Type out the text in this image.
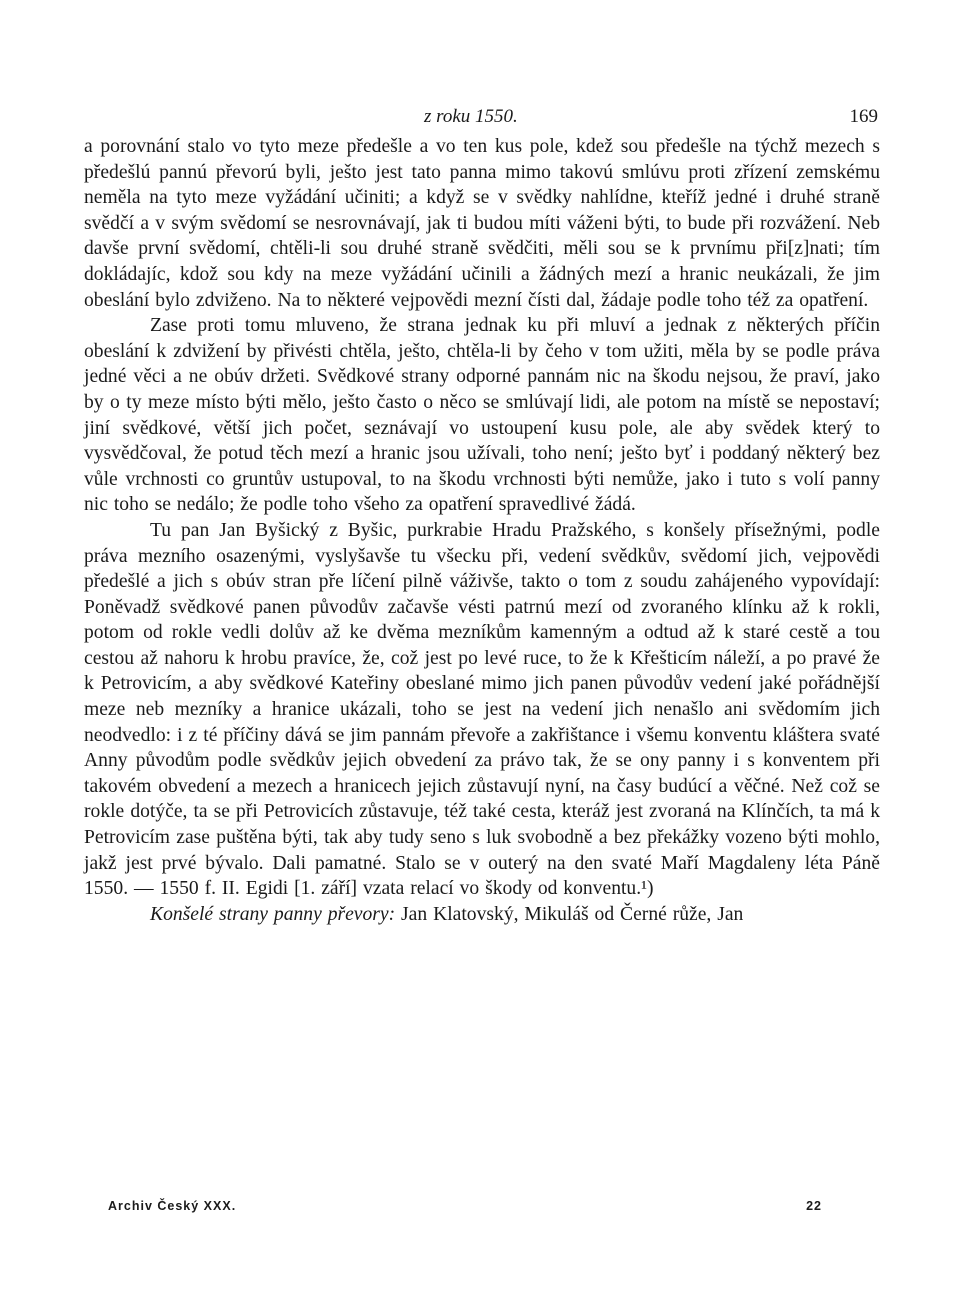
z roku 1550.	169

a porovnání stalo vo tyto meze předešle a vo ten kus pole, kdež sou předešle na týchž mezech s předešlú pannú převorú byli, ješto jest tato panna mimo takovú smlúvu proti zřízení zemskému neměla na tyto meze vyžádání učiniti; a když se v svědky nahlídne, kteříž jedné i druhé straně svědčí a v svým svědomí se nesrovnávají, jak ti budou míti váženi býti, to bude při rozvážení. Neb davše první svědomí, chtěli-li sou druhé straně svědčiti, měli sou se k prvnímu při[z]nati; tím dokládajíc, kdož sou kdy na meze vyžádání učinili a žádných mezí a hranic neukázali, že jim obeslání bylo zdviženo. Na to některé vejpovědi mezní čísti dal, žádaje podle toho též za opatření.

Zase proti tomu mluveno, že strana jednak ku při mluví a jednak z některých příčin obeslání k zdvižení by přivésti chtěla, ješto, chtěla-li by čeho v tom užiti, měla by se podle práva jedné věci a ne obúv držeti. Svědkové strany odporné pannám nic na škodu nejsou, že praví, jako by o ty meze místo býti mělo, ješto často o něco se smlúvají lidi, ale potom na místě se nepostaví; jiní svědkové, větší jich počet, seznávají vo ustoupení kusu pole, ale aby svědek který to vysvědčoval, že potud těch mezí a hranic jsou užívali, toho není; ješto byť i poddaný některý bez vůle vrchnosti co gruntův ustupoval, to na škodu vrchnosti býti nemůže, jako i tuto s volí panny nic toho se nedálo; že podle toho všeho za opatření spravedlivé žádá.

Tu pan Jan Byšický z Byšic, purkrabie Hradu Pražského, s konšely přísežnými, podle práva mezního osazenými, vyslyšavše tu všecku při, vedení svědkův, svědomí jich, vejpovědi předešlé a jich s obúv stran pře líčení pilně váživše, takto o tom z soudu zahájeného vypovídají: Poněvadž svědkové panen původův začavše vésti patrnú mezí od zvoraného klínku až k rokli, potom od rokle vedli dolův až ke dvěma mezníkům kamenným a odtud až k staré cestě a tou cestou až nahoru k hrobu pravíce, že, což jest po levé ruce, to že k Křešticím náleží, a po pravé že k Petrovicím, a aby svědkové Kateřiny obeslané mimo jich panen původův vedení jaké pořádnější meze neb mezníky a hranice ukázali, toho se jest na vedení jich nenašlo ani svědomím jich neodvedlo: i z té příčiny dává se jim pannám převoře a zakřištance i všemu konventu kláštera svaté Anny původům podle svědkův jejich obvedení za právo tak, že se ony panny i s konventem při takovém obvedení a mezech a hranicech jejich zůstavují nyní, na časy budúcí a věčné. Než což se rokle dotýče, ta se při Petrovicích zůstavuje, též také cesta, kteráž jest zvoraná na Klínčích, ta má k Petrovicím zase puštěna býti, tak aby tudy seno s luk svobodně a bez překážky vozeno býti mohlo, jakž jest prvé bývalo. Dali pamatné. Stalo se v outerý na den svaté Maří Magdaleny léta Páně 1550. — 1550 f. II. Egidi [1. září] vzata relací vo škody od konventu.¹)

Konšelé strany panny převory: Jan Klatovský, Mikuláš od Černé růže, Jan

Archiv Český XXX.	22
